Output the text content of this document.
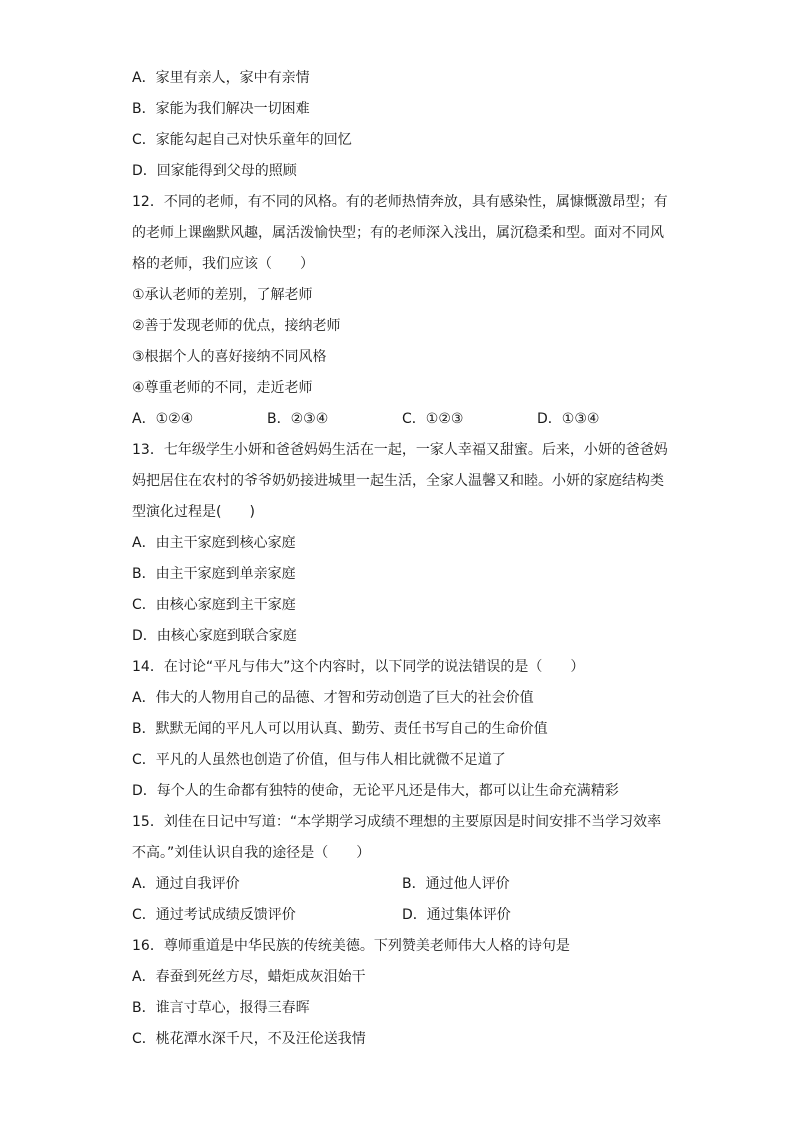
A．家里有亲人，家中有亲情
B．家能为我们解决一切困难
C．家能勾起自己对快乐童年的回忆
D．回家能得到父母的照顾
12．不同的老师，有不同的风格。有的老师热情奔放，具有感染性，属慷慨激昂型；有
的老师上课幽默风趣，属活泼愉快型；有的老师深入浅出，属沉稳柔和型。面对不同风
格的老师，我们应该（　　）
①承认老师的差别，了解老师
②善于发现老师的优点，接纳老师
③根据个人的喜好接纳不同风格
④尊重老师的不同，走近老师
A．①②④	B．②③④	C．①②③	D．①③④
13．七年级学生小妍和爸爸妈妈生活在一起，一家人幸福又甜蜜。后来，小妍的爸爸妈
妈把居住在农村的爷爷奶奶接进城里一起生活，全家人温馨又和睦。小妍的家庭结构类
型演化过程是(　　)
A．由主干家庭到核心家庭
B．由主干家庭到单亲家庭
C．由核心家庭到主干家庭
D．由核心家庭到联合家庭
14．在讨论“平凡与伟大”这个内容时，以下同学的说法错误的是（　　）
A．伟大的人物用自己的品德、才智和劳动创造了巨大的社会价值
B．默默无闻的平凡人可以用认真、勤劳、责任书写自己的生命价值
C．平凡的人虽然也创造了价值，但与伟人相比就微不足道了
D．每个人的生命都有独特的使命，无论平凡还是伟大，都可以让生命充满精彩
15．刘佳在日记中写道：“本学期学习成绩不理想的主要原因是时间安排不当学习效率
不高。”刘佳认识自我的途径是（　　）
A．通过自我评价	B．通过他人评价
C．通过考试成绩反馈评价	D．通过集体评价
16．尊师重道是中华民族的传统美德。下列赞美老师伟大人格的诗句是
A．春蚕到死丝方尽，蜡炬成灰泪始干
B．谁言寸草心，报得三春晖
C．桃花潭水深千尺，不及汪伦送我情
